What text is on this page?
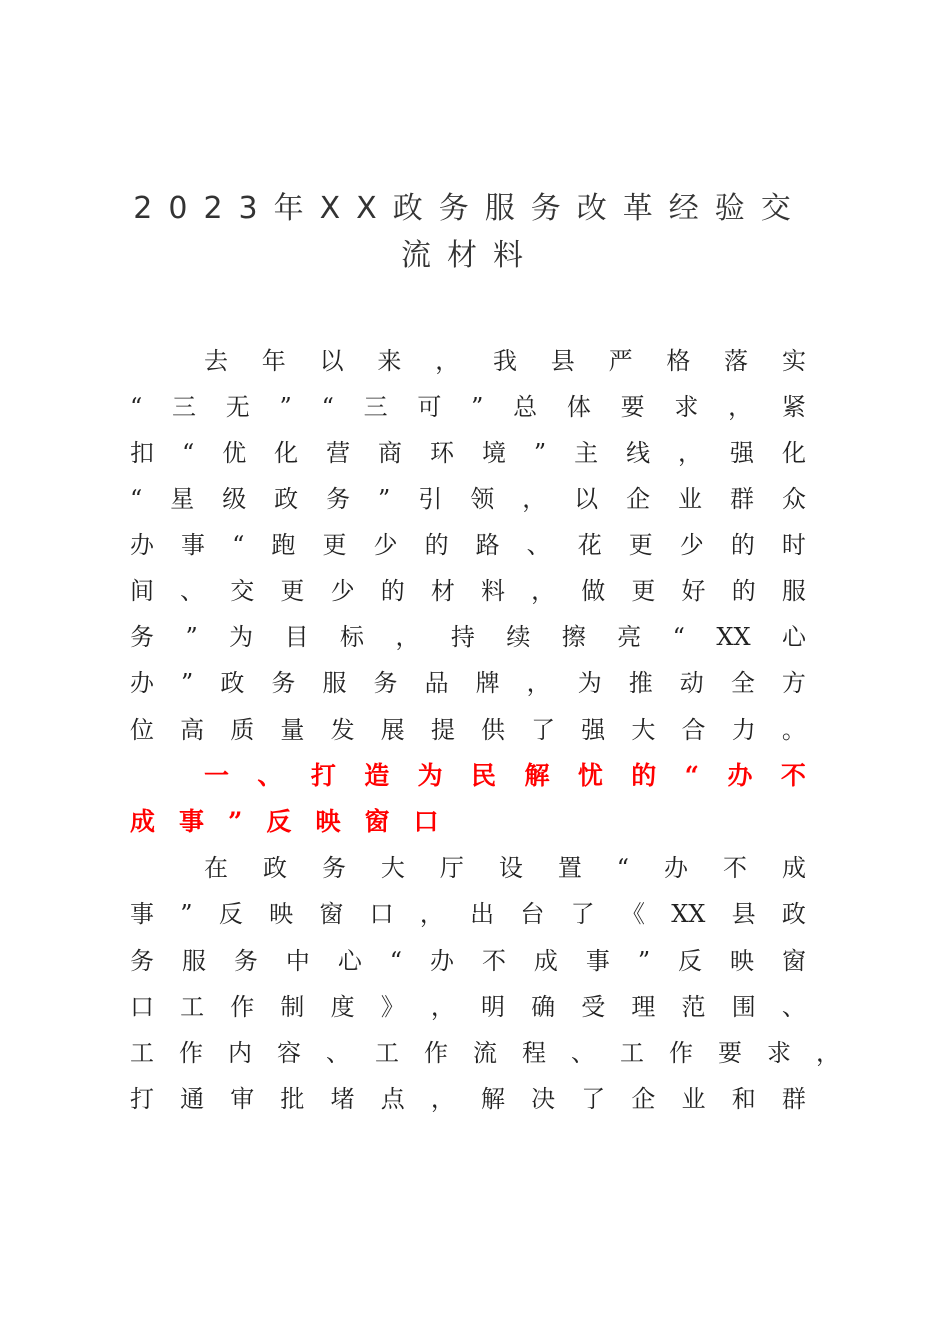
2023年XX政务服务改革经验交
流材料
去 年 以 来 ， 我 县 严 格 落 实
“ 三 无 ” “ 三 可 ” 总 体 要 求 ， 紧
扣 “ 优 化 营 商 环 境 ” 主 线 ， 强 化
“ 星 级 政 务 ” 引 领 ， 以 企 业 群 众
办 事 “ 跑 更 少 的 路 、 花 更 少 的 时
间 、 交 更 少 的 材 料 ， 做 更 好 的 服
务 ” 为 目 标 ， 持 续 擦 亮 “ XX 心
办 ” 政 务 服 务 品 牌 ， 为 推 动 全 方
位 高 质 量 发 展 提 供 了 强 大 合 力 。
一 、 打 造 为 民 解 忧 的 “ 办 不
成 事 ” 反 映 窗 口
在 政 务 大 厅 设 置 “ 办 不 成
事 ” 反 映 窗 口 ， 出 台 了 《 XX 县 政
务 服 务 中 心 “ 办 不 成 事 ” 反 映 窗
口 工 作 制 度 》 ， 明 确 受 理 范 围 、
工 作 内 容 、 工 作 流 程 、 工 作 要 求 ，
打 通 审 批 堵 点 ， 解 决 了 企 业 和 群
